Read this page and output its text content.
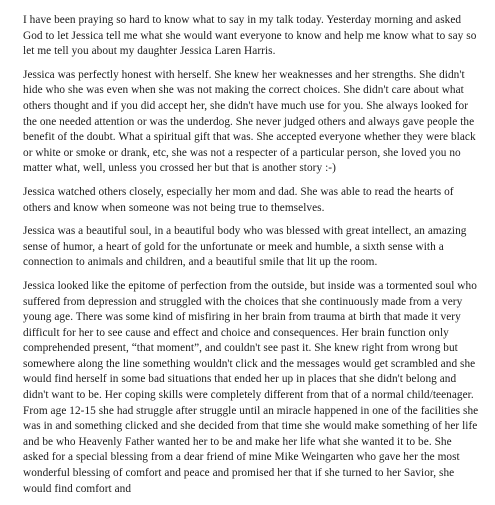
I have been praying so hard to know what to say in my talk today. Yesterday morning and asked God to let Jessica tell me what she would want everyone to know and help me know what to say so let me tell you about my daughter Jessica Laren Harris.

Jessica was perfectly honest with herself. She knew her weaknesses and her strengths. She didn't hide who she was even when she was not making the correct choices. She didn't care about what others thought and if you did accept her, she didn't have much use for you. She always looked for the one needed attention or was the underdog. She never judged others and always gave people the benefit of the doubt. What a spiritual gift that was. She accepted everyone whether they were black or white or smoke or drank, etc, she was not a respecter of a particular person, she loved you no matter what, well, unless you crossed her but that is another story :-)

Jessica watched others closely, especially her mom and dad. She was able to read the hearts of others and know when someone was not being true to themselves.

Jessica was a beautiful soul, in a beautiful body who was blessed with great intellect, an amazing sense of humor, a heart of gold for the unfortunate or meek and humble, a sixth sense with a connection to animals and children, and a beautiful smile that lit up the room.

Jessica looked like the epitome of perfection from the outside, but inside was a tormented soul who suffered from depression and struggled with the choices that she continuously made from a very young age. There was some kind of misfiring in her brain from trauma at birth that made it very difficult for her to see cause and effect and choice and consequences. Her brain function only comprehended present, “that moment”, and couldn't see past it. She knew right from wrong but somewhere along the line something wouldn't click and the messages would get scrambled and she would find herself in some bad situations that ended her up in places that she didn't belong and didn't want to be. Her coping skills were completely different from that of a normal child/teenager. From age 12-15 she had struggle after struggle until an miracle happened in one of the facilities she was in and something clicked and she decided from that time she would make something of her life and be who Heavenly Father wanted her to be and make her life what she wanted it to be. She asked for a special blessing from a dear friend of mine Mike Weingarten who gave her the most wonderful blessing of comfort and peace and promised her that if she turned to her Savior, she would find comfort and
